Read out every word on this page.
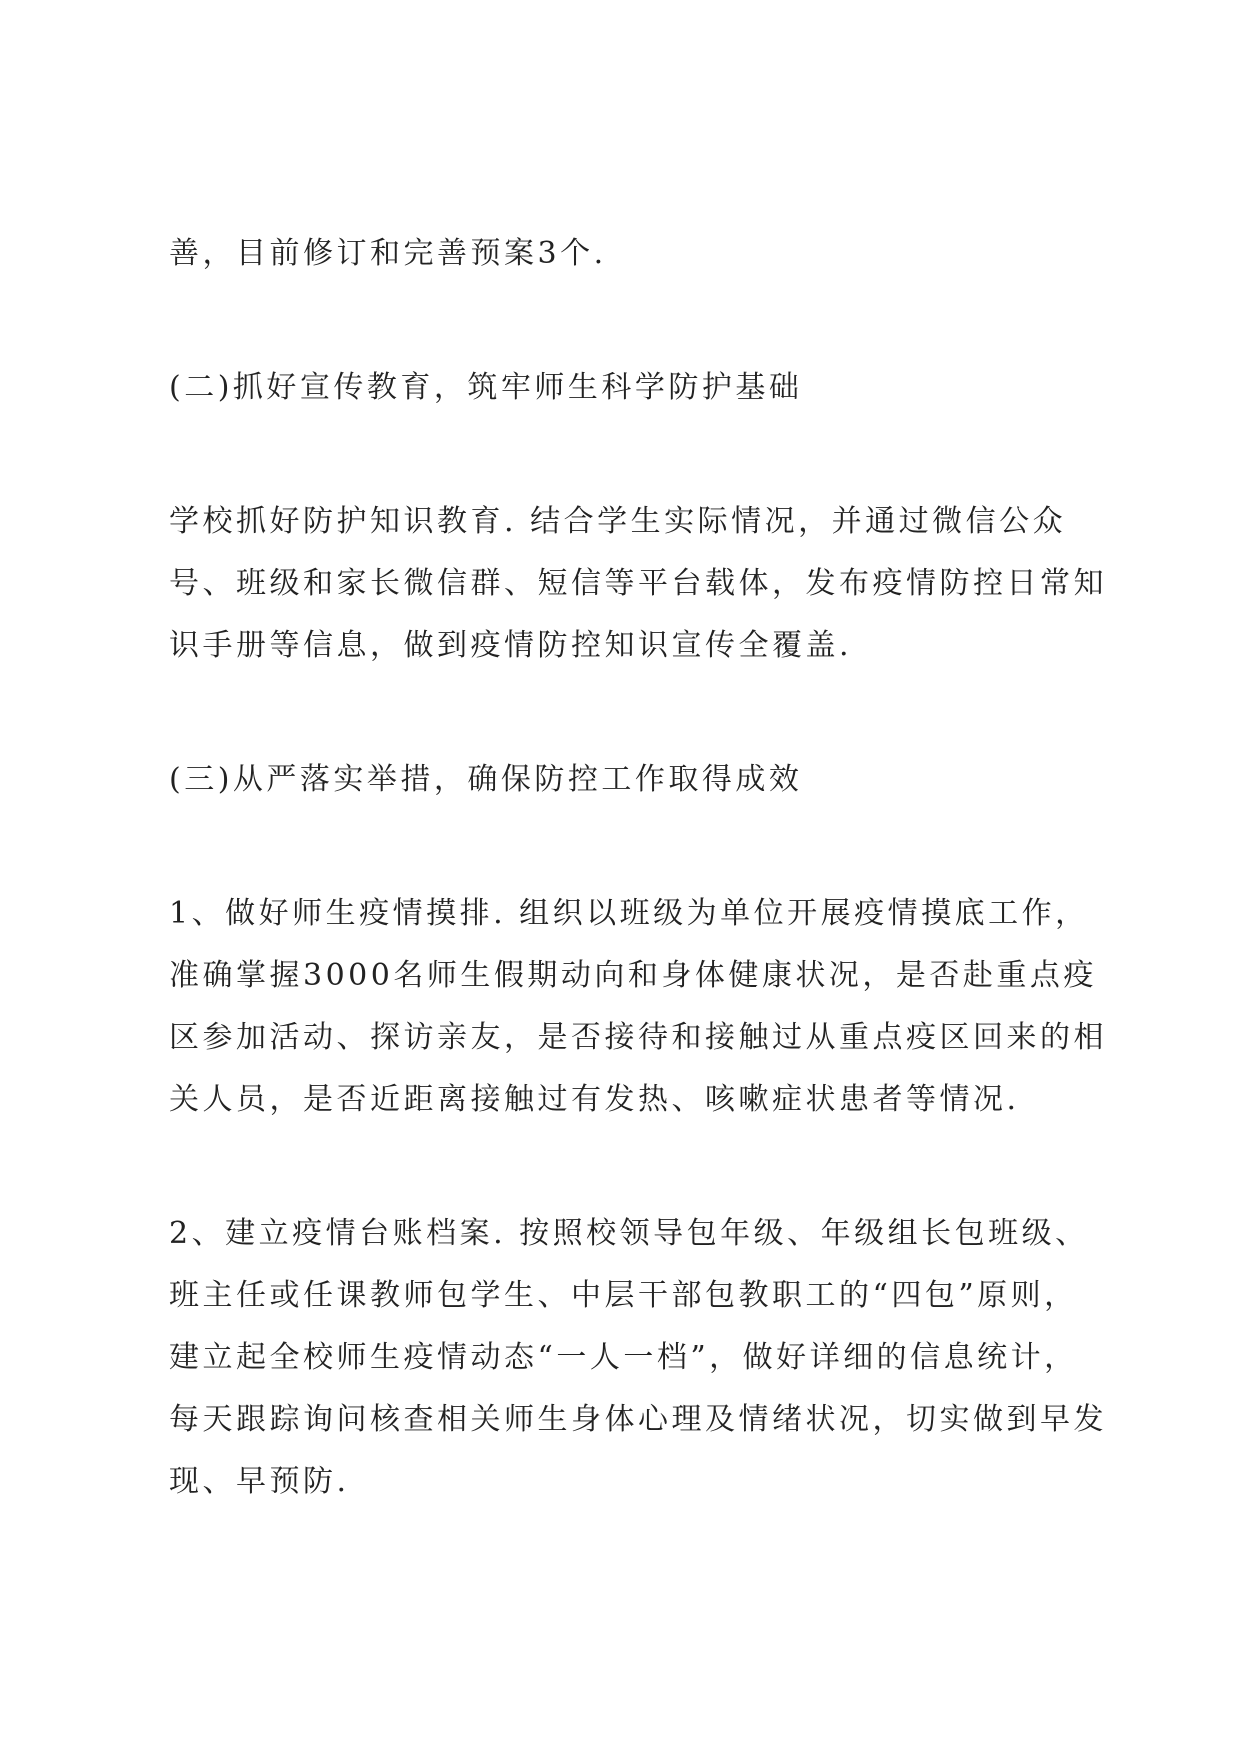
善，目前修订和完善预案3个.
(二)抓好宣传教育，筑牢师生科学防护基础
学校抓好防护知识教育. 结合学生实际情况，并通过微信公众
号、班级和家长微信群、短信等平台载体，发布疫情防控日常知
识手册等信息，做到疫情防控知识宣传全覆盖.
(三)从严落实举措，确保防控工作取得成效
1、做好师生疫情摸排. 组织以班级为单位开展疫情摸底工作，
准确掌握3000名师生假期动向和身体健康状况，是否赴重点疫
区参加活动、探访亲友，是否接待和接触过从重点疫区回来的相
关人员，是否近距离接触过有发热、咳嗽症状患者等情况.
2、建立疫情台账档案. 按照校领导包年级、年级组长包班级、
班主任或任课教师包学生、中层干部包教职工的“四包”原则，
建立起全校师生疫情动态“一人一档”，做好详细的信息统计，
每天跟踪询问核查相关师生身体心理及情绪状况，切实做到早发
现、早预防.
